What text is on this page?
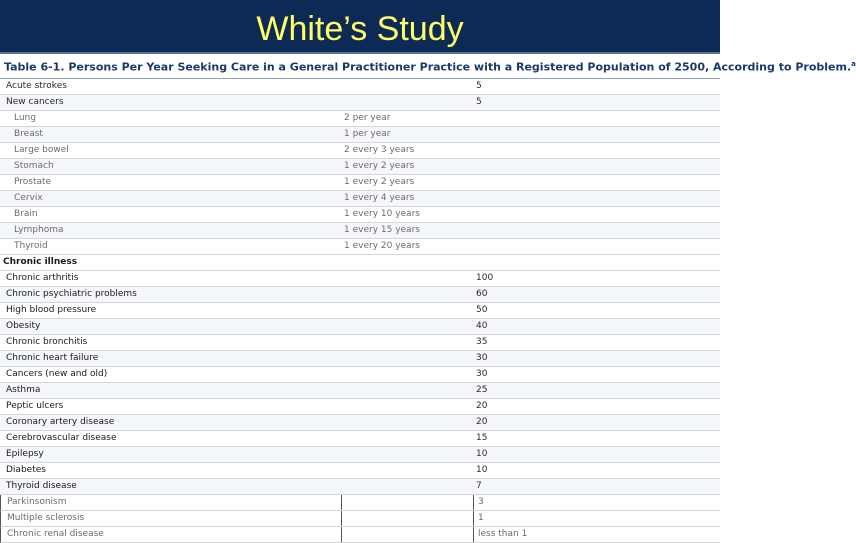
White’s Study
Table 6‑1. Persons Per Year Seeking Care in a General Practitioner Practice with a Registered Population of 2500, According to Problem.$^a$
Acute strokes	5
New cancers	5
Lung	2 per year
Breast	1 per year
Large bowel	2 every 3 years
Stomach	1 every 2 years
Prostate	1 every 2 years
Cervix	1 every 4 years
Brain	1 every 10 years
Lymphoma	1 every 15 years
Thyroid	1 every 20 years
Chronic illness
Chronic arthritis	100
Chronic psychiatric problems	60
High blood pressure	50
Obesity	40
Chronic bronchitis	35
Chronic heart failure	30
Cancers (new and old)	30
Asthma	25
Peptic ulcers	20
Coronary artery disease	20
Cerebrovascular disease	15
Epilepsy	10
Diabetes	10
Thyroid disease	7
Parkinsonism	3
Multiple sclerosis	1
Chronic renal disease	less than 1
